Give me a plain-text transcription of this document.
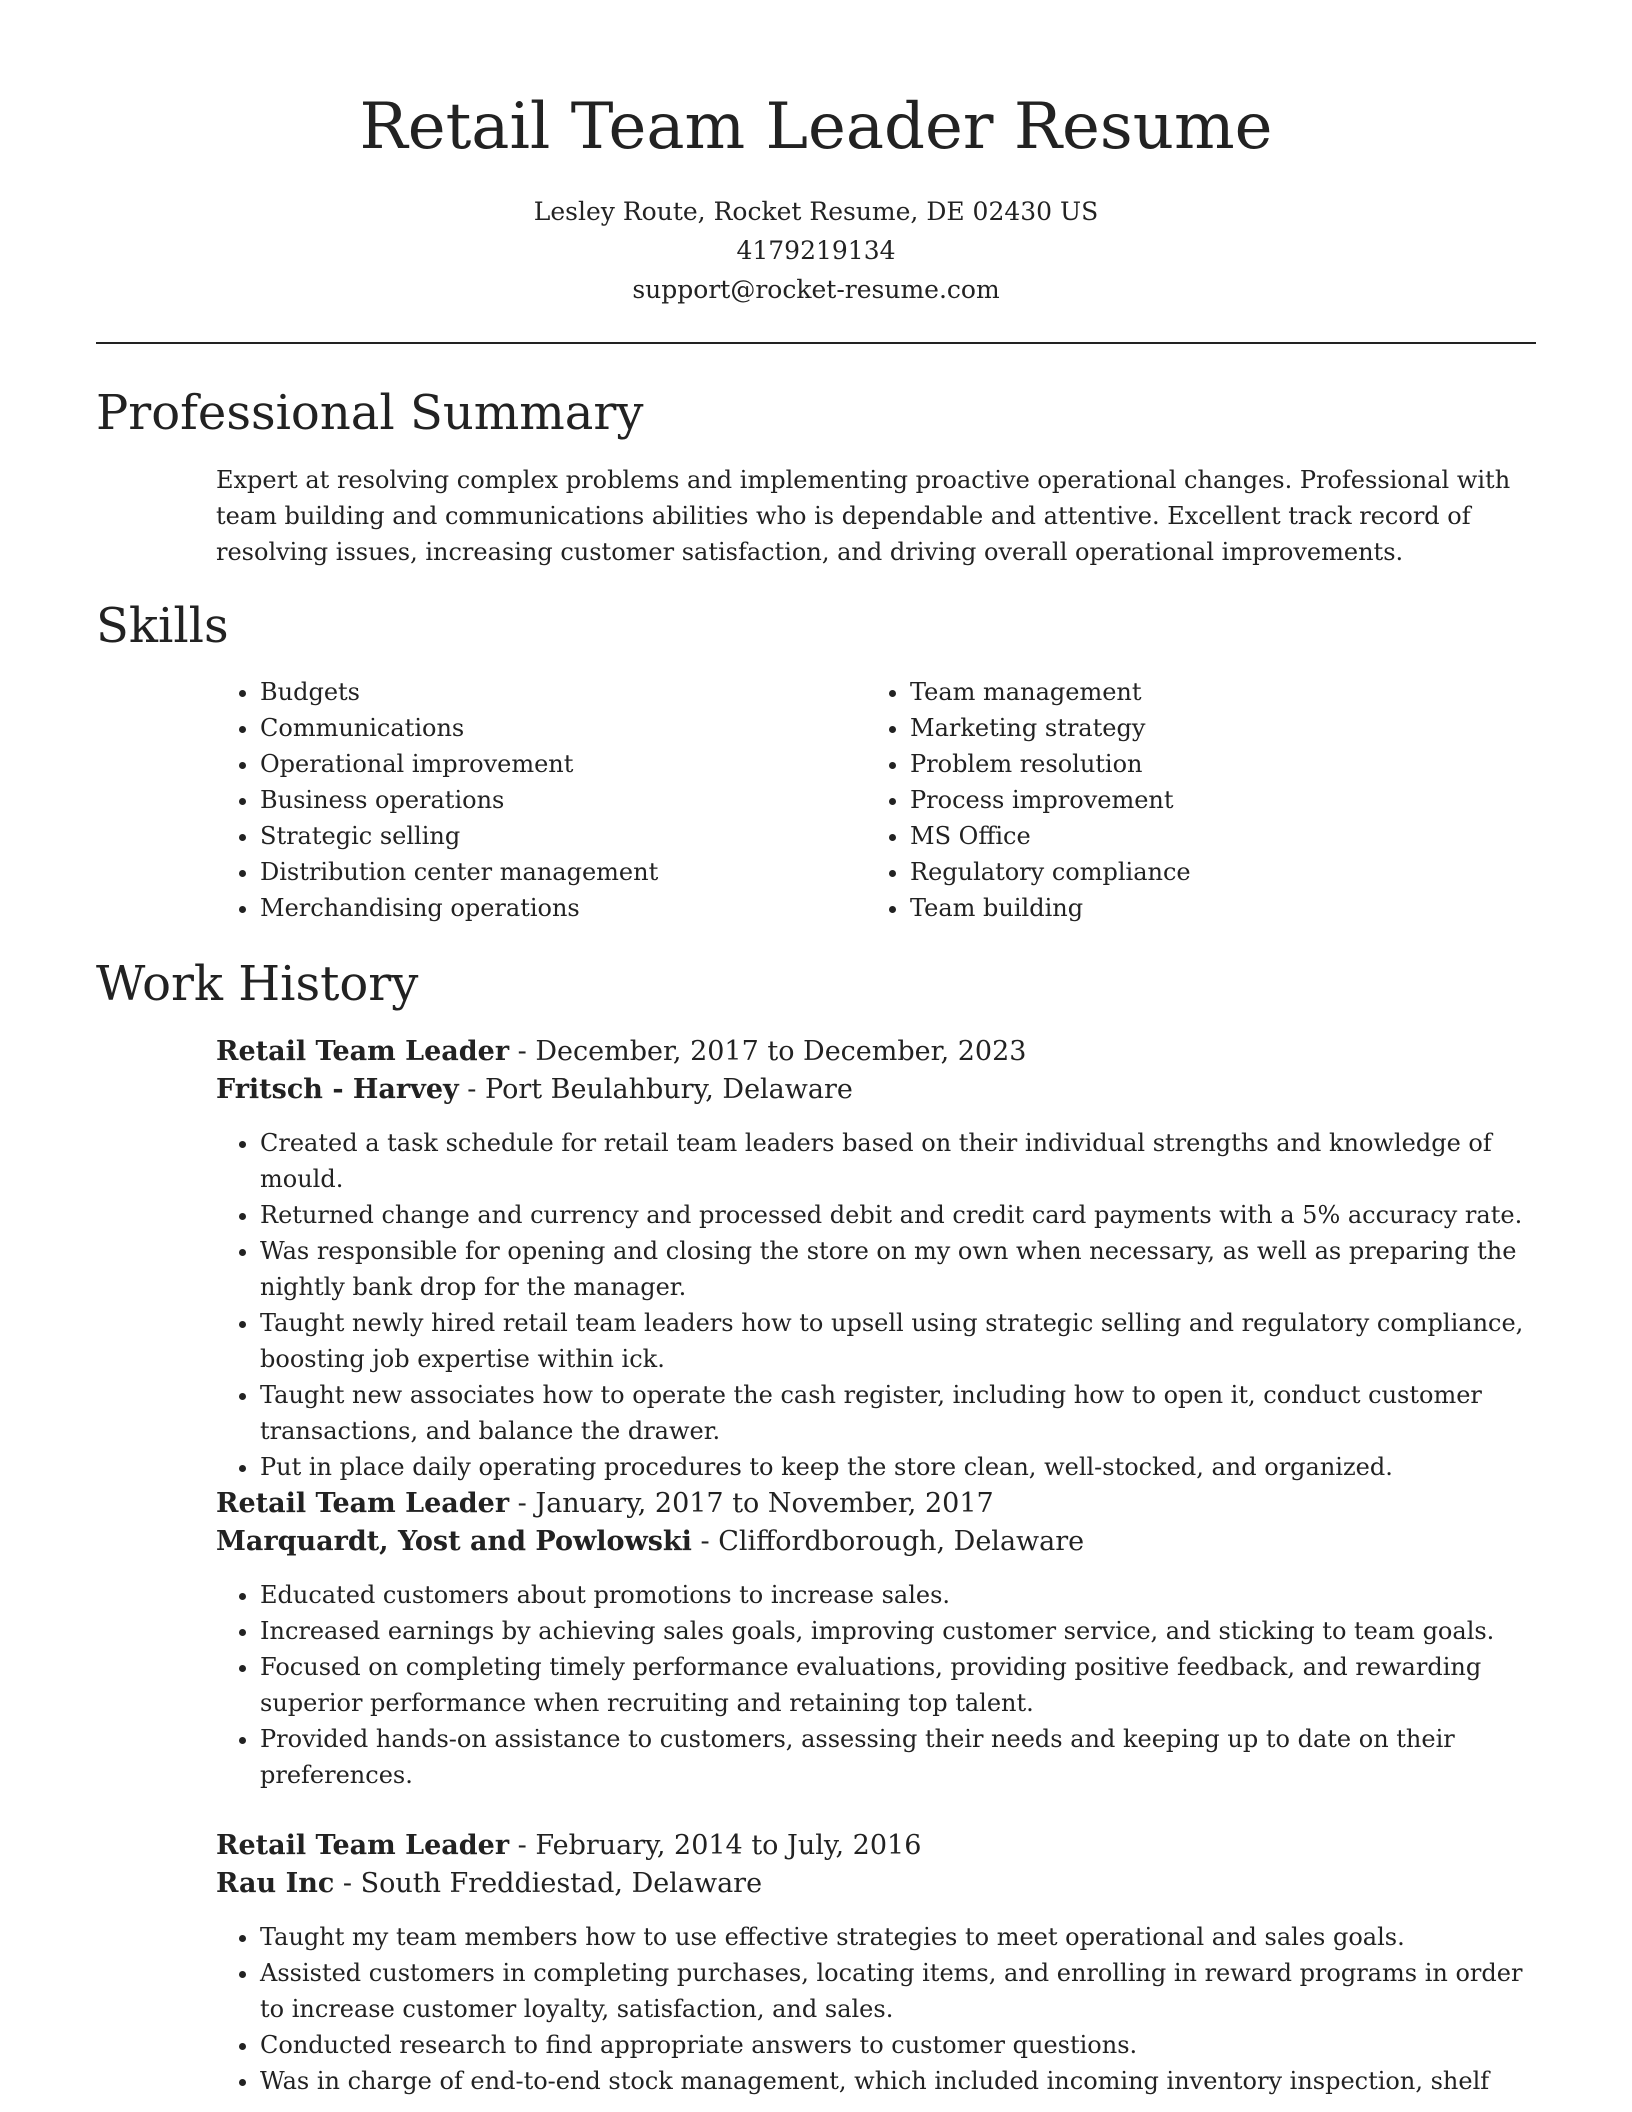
Retail Team Leader Resume
Lesley Route, Rocket Resume, DE 02430 US
4179219134
support@rocket-resume.com
Professional Summary

Expert at resolving complex problems and implementing proactive operational changes. Professional with team building and communications abilities who is dependable and attentive. Excellent track record of resolving issues, increasing customer satisfaction, and driving overall operational improvements.

Skills
• Budgets
• Communications
• Operational improvement
• Business operations
• Strategic selling
• Distribution center management
• Merchandising operations
• Team management
• Marketing strategy
• Problem resolution
• Process improvement
• MS Office
• Regulatory compliance
• Team building
Work History
Retail Team Leader - December, 2017 to December, 2023
Fritsch - Harvey - Port Beulahbury, Delaware
• Created a task schedule for retail team leaders based on their individual strengths and knowledge of mould.
• Returned change and currency and processed debit and credit card payments with a 5% accuracy rate.
• Was responsible for opening and closing the store on my own when necessary, as well as preparing the nightly bank drop for the manager.
• Taught newly hired retail team leaders how to upsell using strategic selling and regulatory compliance, boosting job expertise within ick.
• Taught new associates how to operate the cash register, including how to open it, conduct customer transactions, and balance the drawer.
• Put in place daily operating procedures to keep the store clean, well-stocked, and organized.
Retail Team Leader - January, 2017 to November, 2017
Marquardt, Yost and Powlowski - Cliffordborough, Delaware
• Educated customers about promotions to increase sales.
• Increased earnings by achieving sales goals, improving customer service, and sticking to team goals.
• Focused on completing timely performance evaluations, providing positive feedback, and rewarding superior performance when recruiting and retaining top talent.
• Provided hands-on assistance to customers, assessing their needs and keeping up to date on their preferences.
Retail Team Leader - February, 2014 to July, 2016
Rau Inc - South Freddiestad, Delaware
• Taught my team members how to use effective strategies to meet operational and sales goals.
• Assisted customers in completing purchases, locating items, and enrolling in reward programs in order to increase customer loyalty, satisfaction, and sales.
• Conducted research to find appropriate answers to customer questions.
• Was in charge of end-to-end stock management, which included incoming inventory inspection, shelf
